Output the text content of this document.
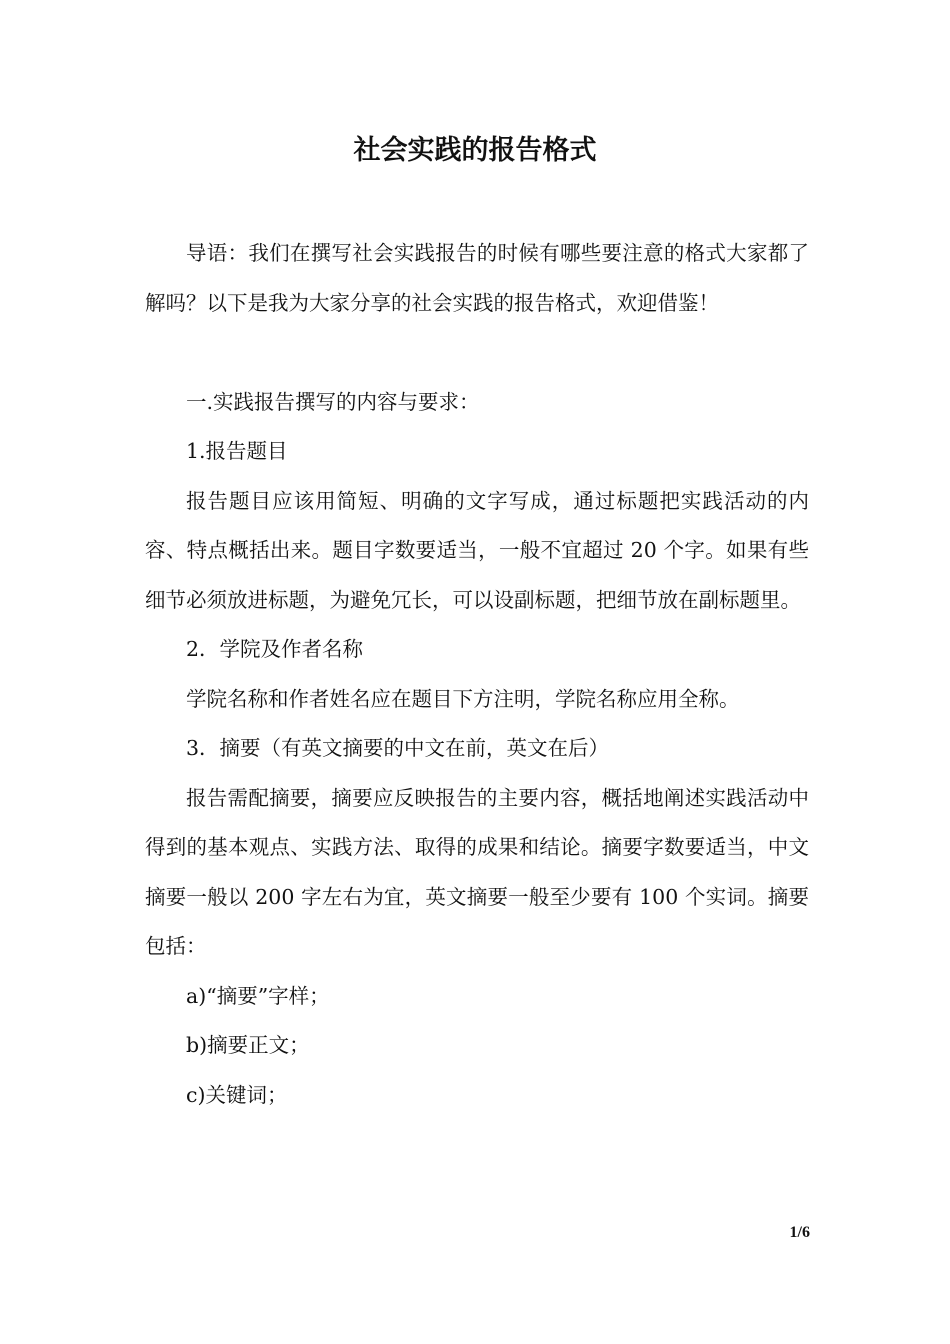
社会实践的报告格式

导语：我们在撰写社会实践报告的时候有哪些要注意的格式大家都了解吗？以下是我为大家分享的社会实践的报告格式，欢迎借鉴！

一.实践报告撰写的内容与要求：

1.报告题目

报告题目应该用简短、明确的文字写成，通过标题把实践活动的内容、特点概括出来。题目字数要适当，一般不宜超过 20 个字。如果有些细节必须放进标题，为避免冗长，可以设副标题，把细节放在副标题里。

2．学院及作者名称

学院名称和作者姓名应在题目下方注明，学院名称应用全称。

3．摘要（有英文摘要的中文在前，英文在后）

报告需配摘要，摘要应反映报告的主要内容，概括地阐述实践活动中得到的基本观点、实践方法、取得的成果和结论。摘要字数要适当，中文摘要一般以 200 字左右为宜，英文摘要一般至少要有 100 个实词。摘要包括：

a)“摘要”字样；

b)摘要正文；

c)关键词；

1/6
